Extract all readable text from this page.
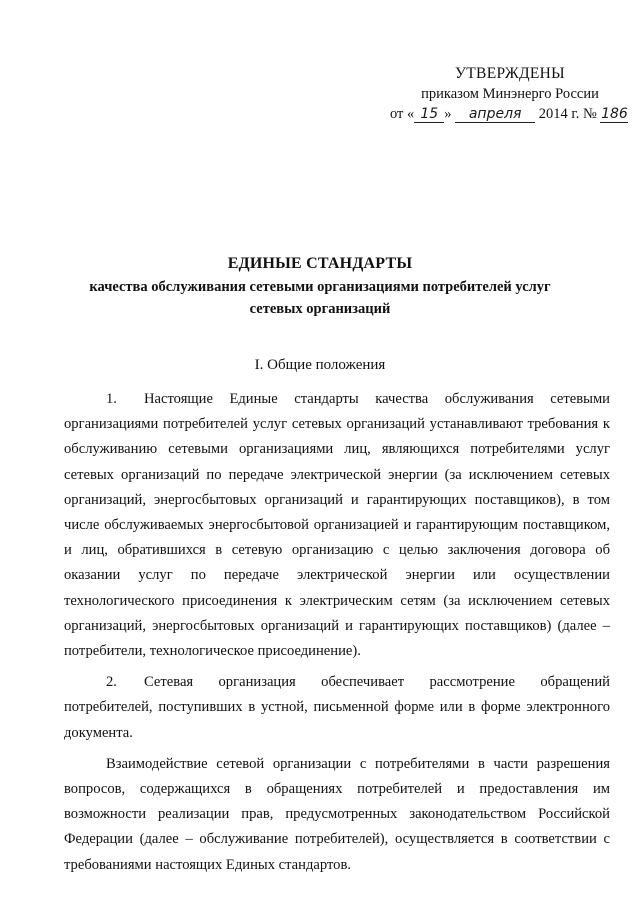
УТВЕРЖДЕНЫ
приказом Минэнерго России
от « 15 » апреля 2014 г. № 186
ЕДИНЫЕ СТАНДАРТЫ
качества обслуживания сетевыми организациями потребителей услуг
сетевых организаций
I. Общие положения

1. Настоящие Единые стандарты качества обслуживания сетевыми организациями потребителей услуг сетевых организаций устанавливают требования к обслуживанию сетевыми организациями лиц, являющихся потребителями услуг сетевых организаций по передаче электрической энергии (за исключением сетевых организаций, энергосбытовых организаций и гарантирующих поставщиков), в том числе обслуживаемых энергосбытовой организацией и гарантирующим поставщиком, и лиц, обратившихся в сетевую организацию с целью заключения договора об оказании услуг по передаче электрической энергии или осуществлении технологического присоединения к электрическим сетям (за исключением сетевых организаций, энергосбытовых организаций и гарантирующих поставщиков) (далее – потребители, технологическое присоединение).

2. Сетевая организация обеспечивает рассмотрение обращений потребителей, поступивших в устной, письменной форме или в форме электронного документа.

Взаимодействие сетевой организации с потребителями в части разрешения вопросов, содержащихся в обращениях потребителей и предоставления им возможности реализации прав, предусмотренных законодательством Российской Федерации (далее – обслуживание потребителей), осуществляется в соответствии с требованиями настоящих Единых стандартов.
